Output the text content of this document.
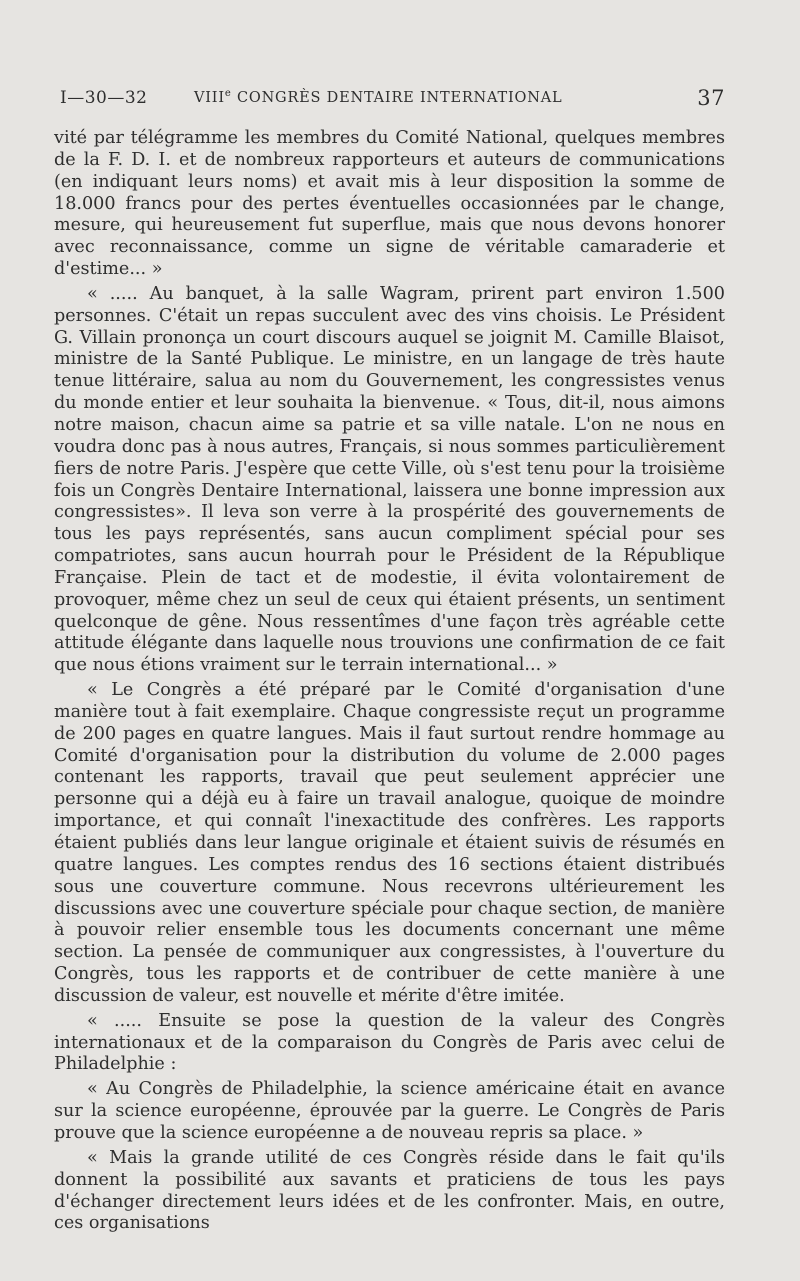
I—30—32	VIIIe CONGRÈS DENTAIRE INTERNATIONAL	37

vité par télégramme les membres du Comité National, quelques membres de la F. D. I. et de nombreux rapporteurs et auteurs de communications (en indiquant leurs noms) et avait mis à leur disposition la somme de 18.000 francs pour des pertes éventuelles occasionnées par le change, mesure, qui heureusement fut superflue, mais que nous devons honorer avec reconnaissance, comme un signe de véritable camaraderie et d'estime... »

« ..... Au banquet, à la salle Wagram, prirent part environ 1.500 personnes. C'était un repas succulent avec des vins choisis. Le Président G. Villain prononça un court discours auquel se joignit M. Camille Blaisot, ministre de la Santé Publique. Le ministre, en un langage de très haute tenue littéraire, salua au nom du Gouvernement, les congressistes venus du monde entier et leur souhaita la bienvenue. « Tous, dit-il, nous aimons notre maison, chacun aime sa patrie et sa ville natale. L'on ne nous en voudra donc pas à nous autres, Français, si nous sommes particulièrement fiers de notre Paris. J'espère que cette Ville, où s'est tenu pour la troisième fois un Congrès Dentaire International, laissera une bonne impression aux congressistes». Il leva son verre à la prospérité des gouvernements de tous les pays représentés, sans aucun compliment spécial pour ses compatriotes, sans aucun hourrah pour le Président de la République Française. Plein de tact et de modestie, il évita volontairement de provoquer, même chez un seul de ceux qui étaient présents, un sentiment quelconque de gêne. Nous ressentîmes d'une façon très agréable cette attitude élégante dans laquelle nous trouvions une confirmation de ce fait que nous étions vraiment sur le terrain international... »

« Le Congrès a été préparé par le Comité d'organisation d'une manière tout à fait exemplaire. Chaque congressiste reçut un programme de 200 pages en quatre langues. Mais il faut surtout rendre hommage au Comité d'organisation pour la distribution du volume de 2.000 pages contenant les rapports, travail que peut seulement apprécier une personne qui a déjà eu à faire un travail analogue, quoique de moindre importance, et qui connaît l'inexactitude des confrères. Les rapports étaient publiés dans leur langue originale et étaient suivis de résumés en quatre langues. Les comptes rendus des 16 sections étaient distribués sous une couverture commune. Nous recevrons ultérieurement les discussions avec une couverture spéciale pour chaque section, de manière à pouvoir relier ensemble tous les documents concernant une même section. La pensée de communiquer aux congressistes, à l'ouverture du Congrès, tous les rapports et de contribuer de cette manière à une discussion de valeur, est nouvelle et mérite d'être imitée.

« ..... Ensuite se pose la question de la valeur des Congrès internationaux et de la comparaison du Congrès de Paris avec celui de Philadelphie :

« Au Congrès de Philadelphie, la science américaine était en avance sur la science européenne, éprouvée par la guerre. Le Congrès de Paris prouve que la science européenne a de nouveau repris sa place. »

« Mais la grande utilité de ces Congrès réside dans le fait qu'ils donnent la possibilité aux savants et praticiens de tous les pays d'échanger directement leurs idées et de les confronter. Mais, en outre, ces organisations
